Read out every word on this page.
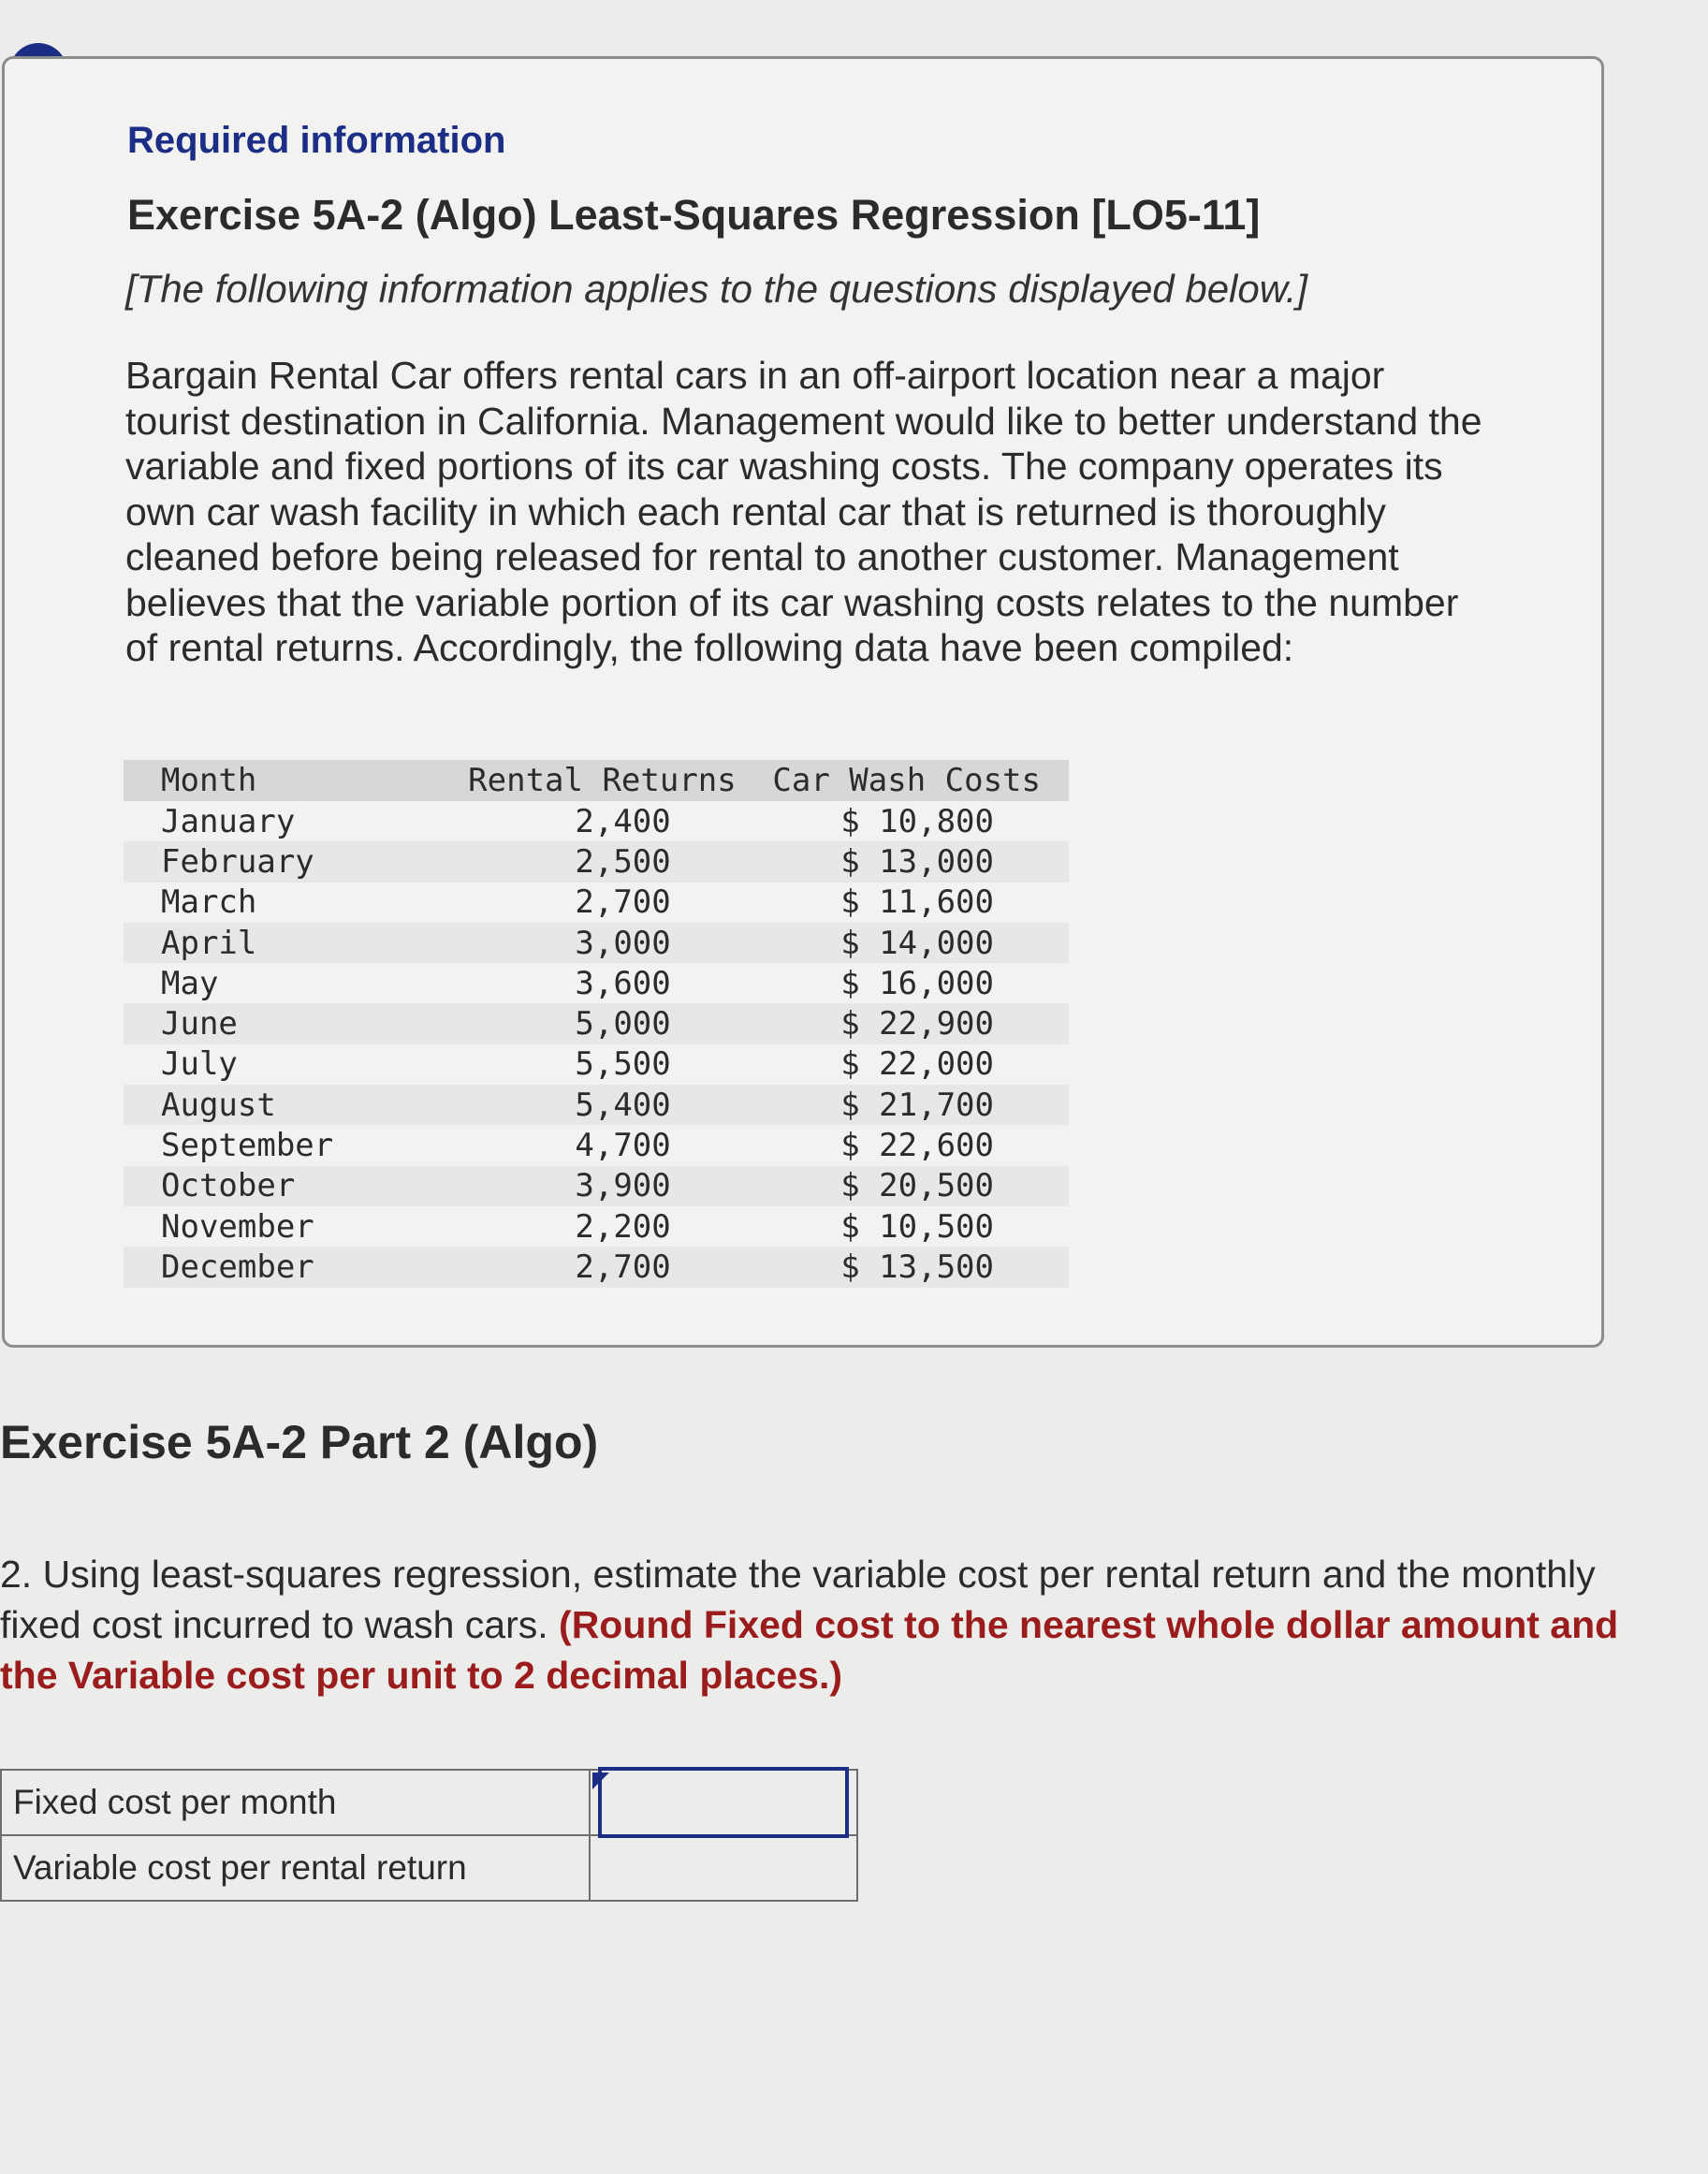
Required information
Exercise 5A-2 (Algo) Least-Squares Regression [LO5-11]

[The following information applies to the questions displayed below.]

Bargain Rental Car offers rental cars in an off-airport location near a major tourist destination in California. Management would like to better understand the variable and fixed portions of its car washing costs. The company operates its own car wash facility in which each rental car that is returned is thoroughly cleaned before being released for rental to another customer. Management believes that the variable portion of its car washing costs relates to the number of rental returns. Accordingly, the following data have been compiled:

Month	Rental Returns	Car Wash Costs
January	2,400	$ 10,800
February	2,500	$ 13,000
March	2,700	$ 11,600
April	3,000	$ 14,000
May	3,600	$ 16,000
June	5,000	$ 22,900
July	5,500	$ 22,000
August	5,400	$ 21,700
September	4,700	$ 22,600
October	3,900	$ 20,500
November	2,200	$ 10,500
December	2,700	$ 13,500
Exercise 5A-2 Part 2 (Algo)

2. Using least-squares regression, estimate the variable cost per rental return and the monthly fixed cost incurred to wash cars. (Round Fixed cost to the nearest whole dollar amount and the Variable cost per unit to 2 decimal places.)

Fixed cost per month	

Variable cost per rental return	
